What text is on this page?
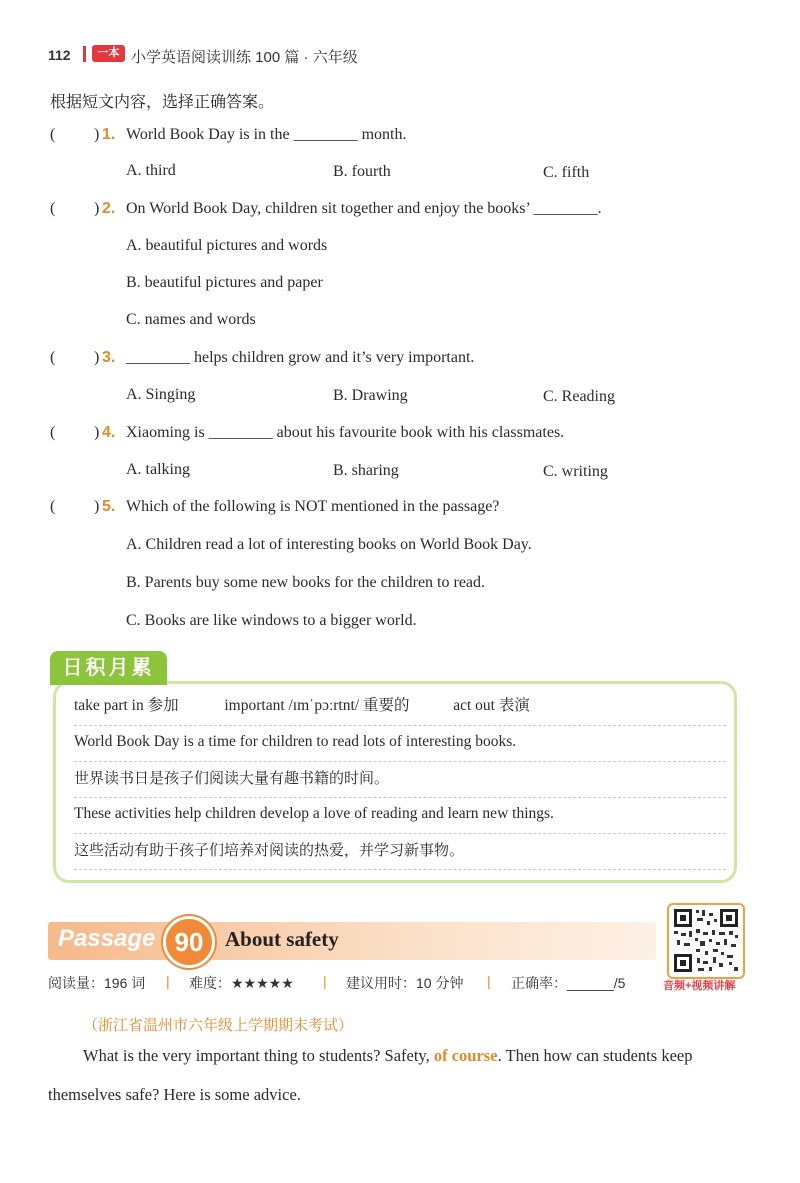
112	一本 小学英语阅读训练 100 篇 · 六年级
根据短文内容，选择正确答案。
( ) 1. World Book Day is in the ________ month.
A. third	B. fourth	C. fifth
( ) 2. On World Book Day, children sit together and enjoy the books’ ________.
A. beautiful pictures and words
B. beautiful pictures and paper
C. names and words
( ) 3. ________ helps children grow and it’s very important.
A. Singing	B. Drawing	C. Reading
( ) 4. Xiaoming is ________ about his favourite book with his classmates.
A. talking	B. sharing	C. writing
( ) 5. Which of the following is NOT mentioned in the passage?
A. Children read a lot of interesting books on World Book Day.
B. Parents buy some new books for the children to read.
C. Books are like windows to a bigger world.
take part in 参加	important /ɪmˈpɔːrtnt/ 重要的	act out 表演
World Book Day is a time for children to read lots of interesting books.
世界读书日是孩子们阅读大量有趣书籍的时间。
These activities help children develop a love of reading and learn new things.
这些活动有助于孩子们培养对阅读的热爱，并学习新事物。
日积月累
Passage 90	About safety
音频+视频讲解
阅读量：196 词 | 难度：★★★★★ | 建议用时：10 分钟 | 正确率：______/5
（浙江省温州市六年级上学期期末考试）
What is the very important thing to students? Safety, of course. Then how can students keep
themselves safe? Here is some advice.
